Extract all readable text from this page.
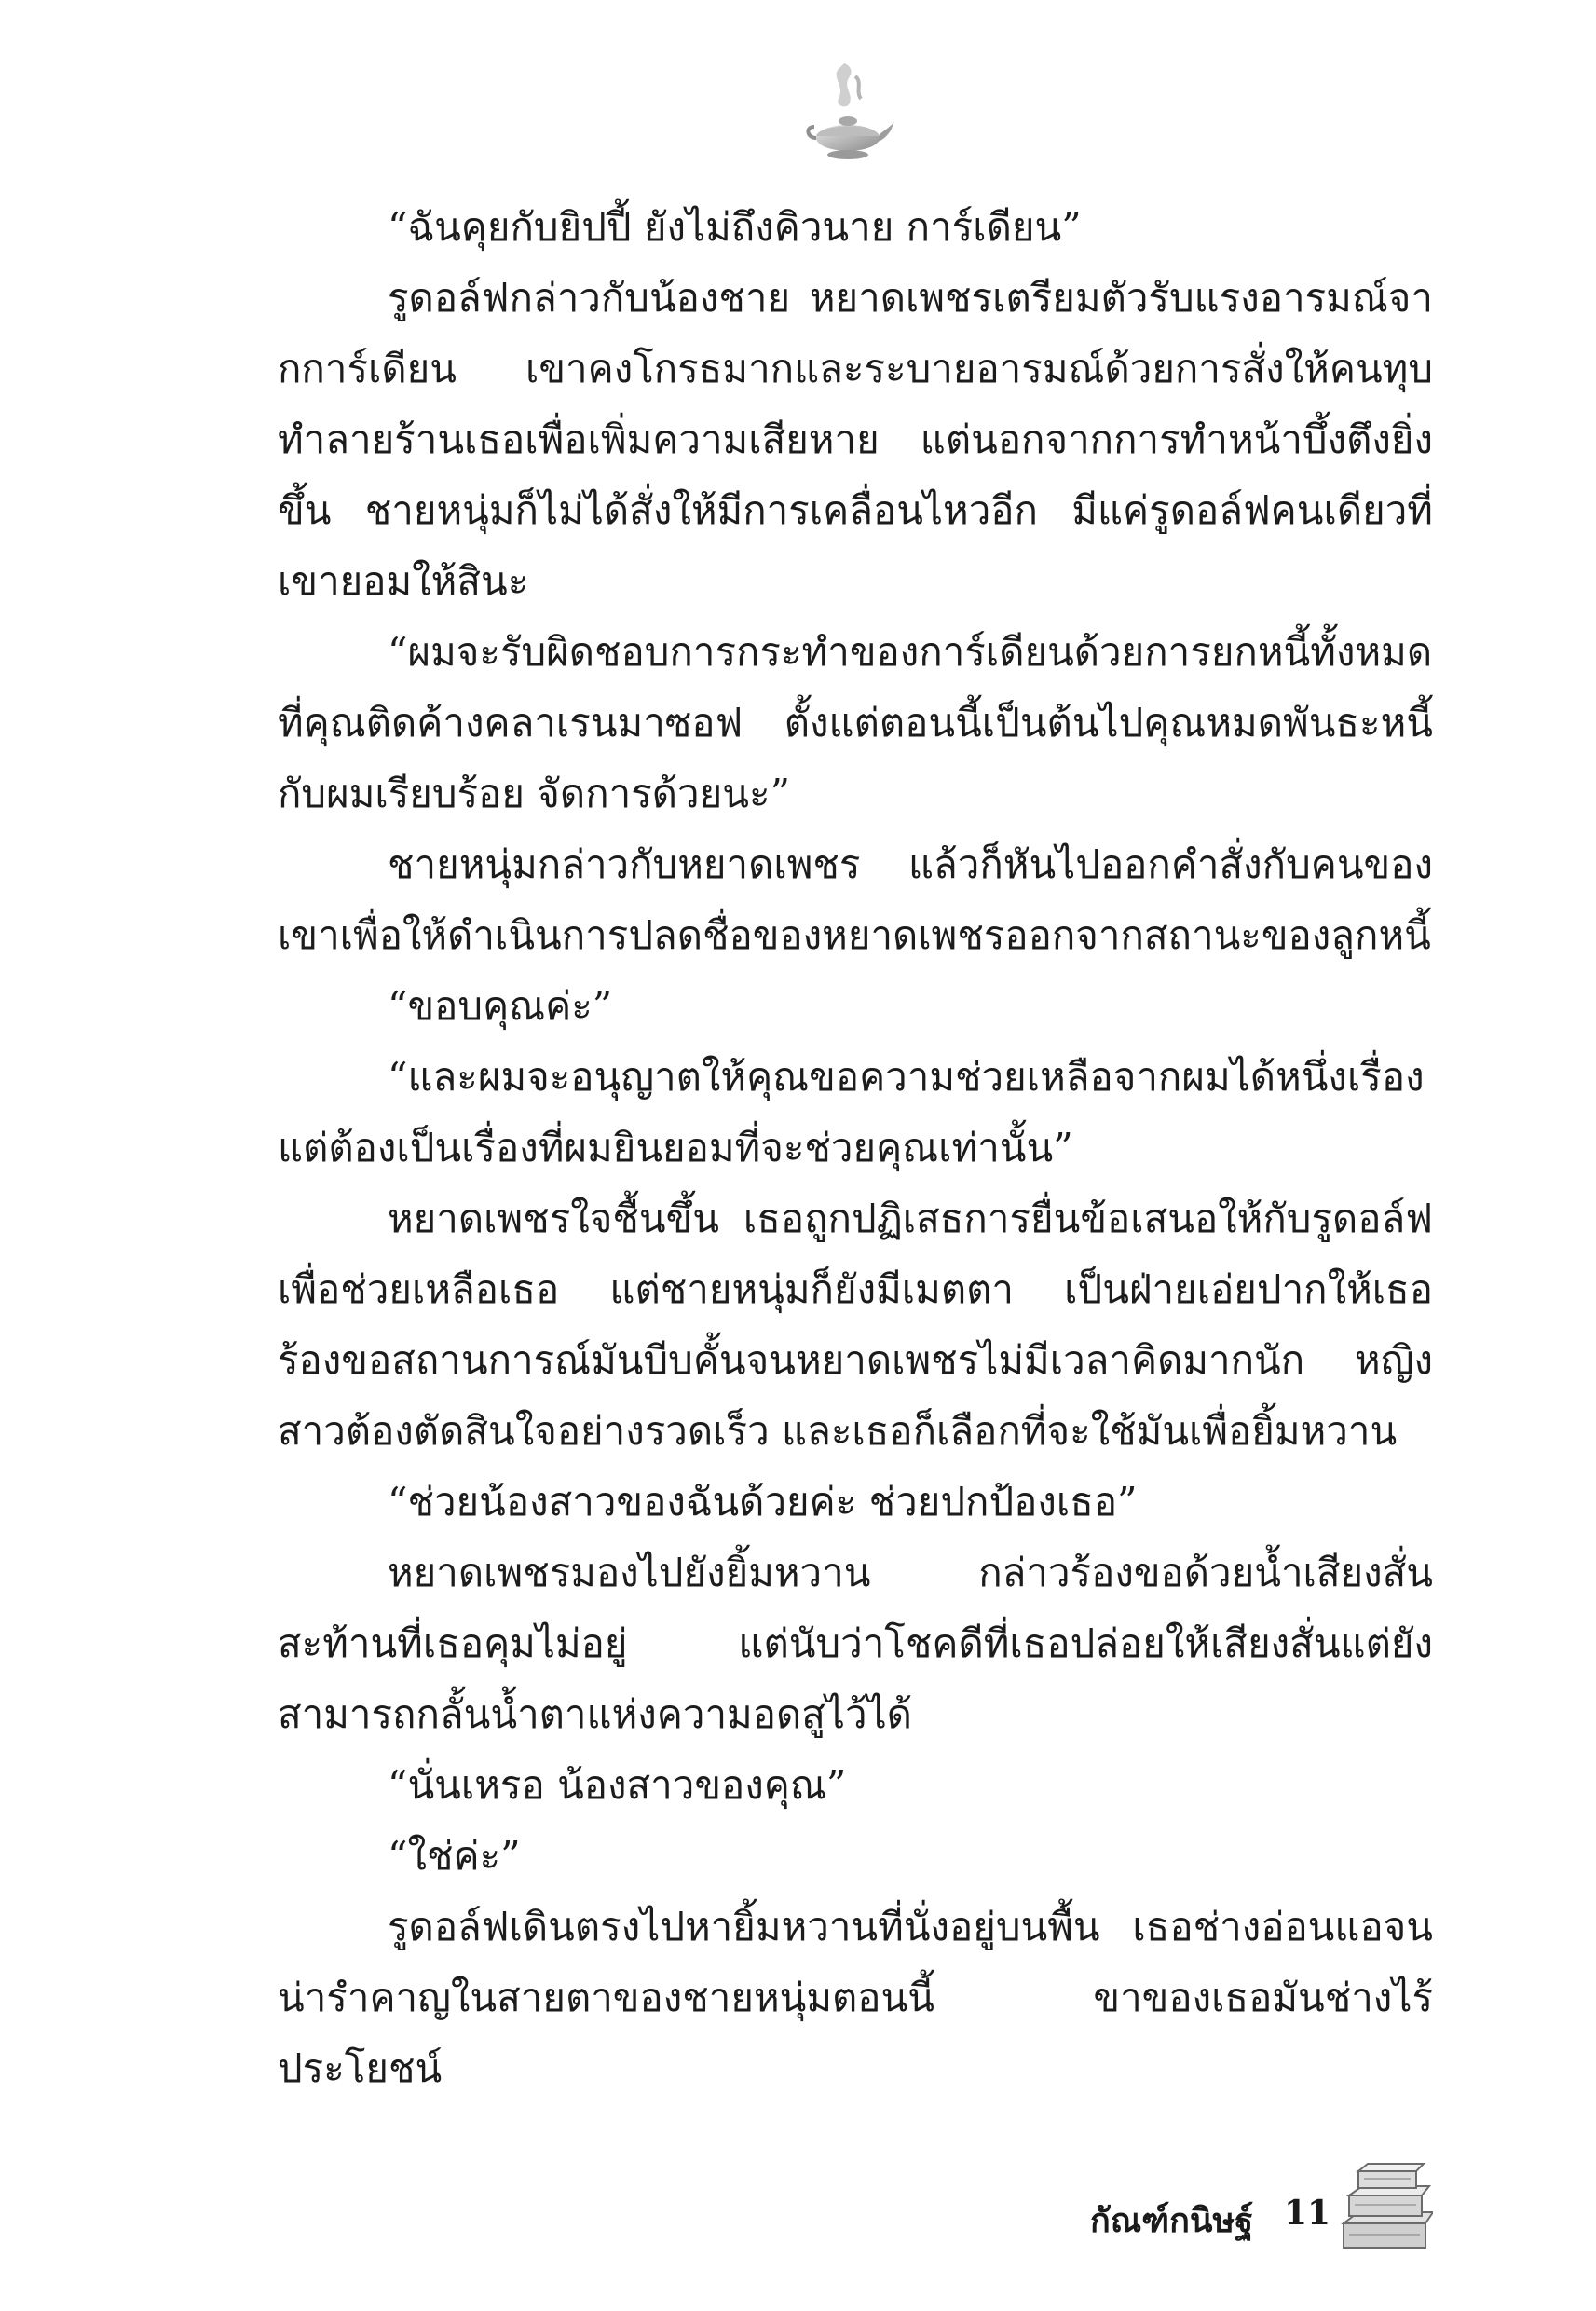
“ฉันคุยกับยิปปี้ ยังไม่ถึงคิวนาย การ์เดียน”

รูดอล์ฟกล่าวกับน้องชาย หยาดเพชรเตรียมตัวรับแรงอารมณ์จากการ์เดียน เขาคงโกรธมากและระบายอารมณ์ด้วยการสั่งให้คนทุบทำลายร้านเธอเพื่อเพิ่มความเสียหาย แต่นอกจากการทำหน้าบึ้งตึงยิ่งขึ้น ชายหนุ่มก็ไม่ได้สั่งให้มีการเคลื่อนไหวอีก มีแค่รูดอล์ฟคนเดียวที่เขายอมให้สินะ

“ผมจะรับผิดชอบการกระทำของการ์เดียนด้วยการยกหนี้ทั้งหมดที่คุณติดค้างคลาเรนมาซอฟ ตั้งแต่ตอนนี้เป็นต้นไปคุณหมดพันธะหนี้กับผมเรียบร้อย จัดการด้วยนะ”

ชายหนุ่มกล่าวกับหยาดเพชร แล้วก็หันไปออกคำสั่งกับคนของเขาเพื่อให้ดำเนินการปลดชื่อของหยาดเพชรออกจากสถานะของลูกหนี้

“ขอบคุณค่ะ”

“และผมจะอนุญาตให้คุณขอความช่วยเหลือจากผมได้หนึ่งเรื่องแต่ต้องเป็นเรื่องที่ผมยินยอมที่จะช่วยคุณเท่านั้น”

หยาดเพชรใจชื้นขึ้น เธอถูกปฏิเสธการยื่นข้อเสนอให้กับรูดอล์ฟเพื่อช่วยเหลือเธอ แต่ชายหนุ่มก็ยังมีเมตตา เป็นฝ่ายเอ่ยปากให้เธอร้องขอสถานการณ์มันบีบคั้นจนหยาดเพชรไม่มีเวลาคิดมากนัก หญิงสาวต้องตัดสินใจอย่างรวดเร็ว และเธอก็เลือกที่จะใช้มันเพื่อยิ้มหวาน

“ช่วยน้องสาวของฉันด้วยค่ะ ช่วยปกป้องเธอ”

หยาดเพชรมองไปยังยิ้มหวาน กล่าวร้องขอด้วยน้ำเสียงสั่นสะท้านที่เธอคุมไม่อยู่ แต่นับว่าโชคดีที่เธอปล่อยให้เสียงสั่นแต่ยังสามารถกลั้นน้ำตาแห่งความอดสูไว้ได้

“นั่นเหรอ น้องสาวของคุณ”

“ใช่ค่ะ”

รูดอล์ฟเดินตรงไปหายิ้มหวานที่นั่งอยู่บนพื้น เธอช่างอ่อนแอจนน่ารำคาญในสายตาของชายหนุ่มตอนนี้ ขาของเธอมันช่างไร้ประโยชน์

กัณฑ์กนิษฐ์ 11
